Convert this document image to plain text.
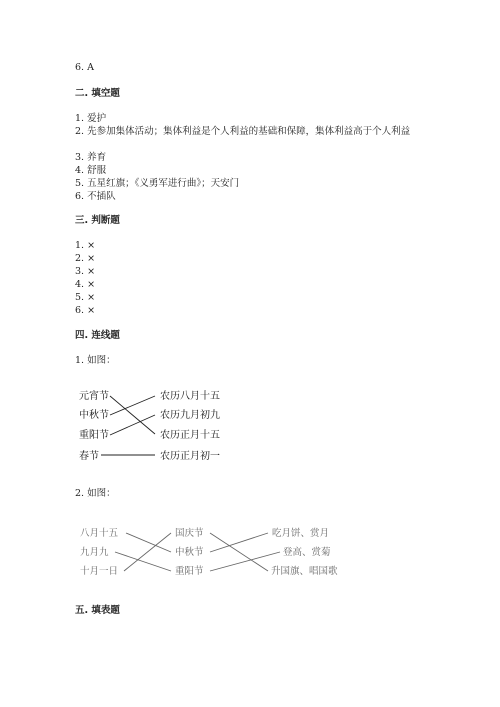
6. A
二. 填空题
1. 爱护
2. 先参加集体活动；集体利益是个人利益的基础和保障，集体利益高于个人利益
3. 养育
4. 舒服
5. 五星红旗；《义勇军进行曲》；天安门
6. 不插队
三. 判断题
1. ×
2. ×
3. ×
4. ×
5. ×
6. ×
四. 连线题
1. 如图：
元宵节
中秋节
重阳节
春节
农历八月十五
农历九月初九
农历正月十五
农历正月初一
2. 如图：
八月十五
九月九
十月一日
国庆节
中秋节
重阳节
吃月饼、赏月
登高、赏菊
升国旗、唱国歌
五. 填表题
